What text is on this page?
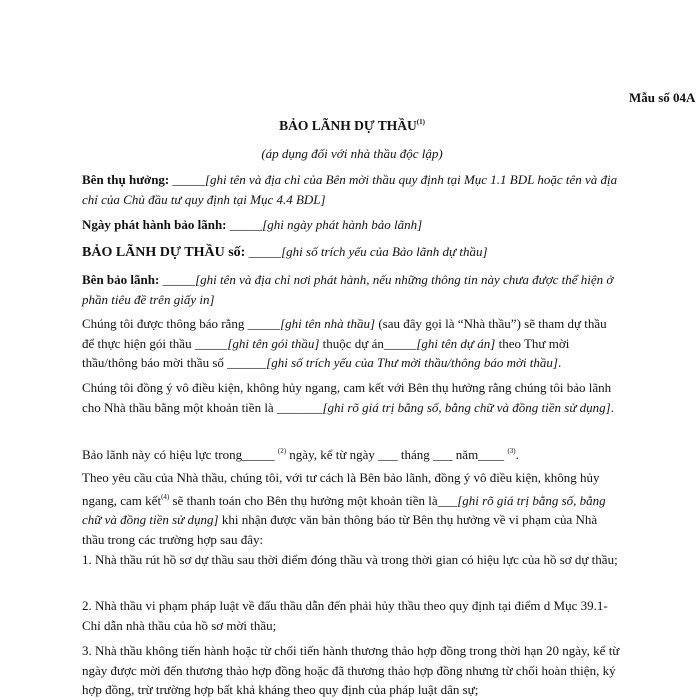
Mẫu số 04A
BẢO LÃNH DỰ THẦU$^{(1)}$
(áp dụng đối với nhà thầu độc lập)

Bên thụ hưởng: _____[ghi tên và địa chỉ của Bên mời thầu quy định tại Mục 1.1 BDL hoặc tên và địa chỉ của Chủ đầu tư quy định tại Mục 4.4 BDL]

Ngày phát hành bảo lãnh: _____[ghi ngày phát hành bảo lãnh]

BẢO LÃNH DỰ THẦU số: _____[ghi số trích yếu của Bảo lãnh dự thầu]

Bên bảo lãnh: _____[ghi tên và địa chỉ nơi phát hành, nếu những thông tin này chưa được thể hiện ở phần tiêu đề trên giấy in]

Chúng tôi được thông báo rằng _____[ghi tên nhà thầu] (sau đây gọi là “Nhà thầu”) sẽ tham dự thầu để thực hiện gói thầu _____[ghi tên gói thầu] thuộc dự án_____[ghi tên dự án] theo Thư mời thầu/thông báo mời thầu số ______[ghi số trích yếu của Thư mời thầu/thông báo mời thầu].

Chúng tôi đồng ý vô điều kiện, không hủy ngang, cam kết với Bên thụ hưởng rằng chúng tôi bảo lãnh cho Nhà thầu bằng một khoản tiền là _______[ghi rõ giá trị bằng số, bằng chữ và đồng tiền sử dụng].

Bảo lãnh này có hiệu lực trong_____ $^{(2)}$ ngày, kể từ ngày ___ tháng ___ năm____ $^{(3)}$.

Theo yêu cầu của Nhà thầu, chúng tôi, với tư cách là Bên bảo lãnh, đồng ý vô điều kiện, không hủy ngang, cam kết$^{(4)}$ sẽ thanh toán cho Bên thụ hưởng một khoản tiền là___[ghi rõ giá trị bằng số, bằng chữ và đồng tiền sử dụng] khi nhận được văn bản thông báo từ Bên thụ hưởng về vi phạm của Nhà thầu trong các trường hợp sau đây:

1. Nhà thầu rút hồ sơ dự thầu sau thời điểm đóng thầu và trong thời gian có hiệu lực của hồ sơ dự thầu;

2. Nhà thầu vi phạm pháp luật về đấu thầu dẫn đến phải hủy thầu theo quy định tại điểm d Mục 39.1- Chỉ dẫn nhà thầu của hồ sơ mời thầu;

3. Nhà thầu không tiến hành hoặc từ chối tiến hành thương thảo hợp đồng trong thời hạn 20 ngày, kể từ ngày được mời đến thương thảo hợp đồng hoặc đã thương thảo hợp đồng nhưng từ chối hoàn thiện, ký hợp đồng, trừ trường hợp bất khả kháng theo quy định của pháp luật dân sự;
